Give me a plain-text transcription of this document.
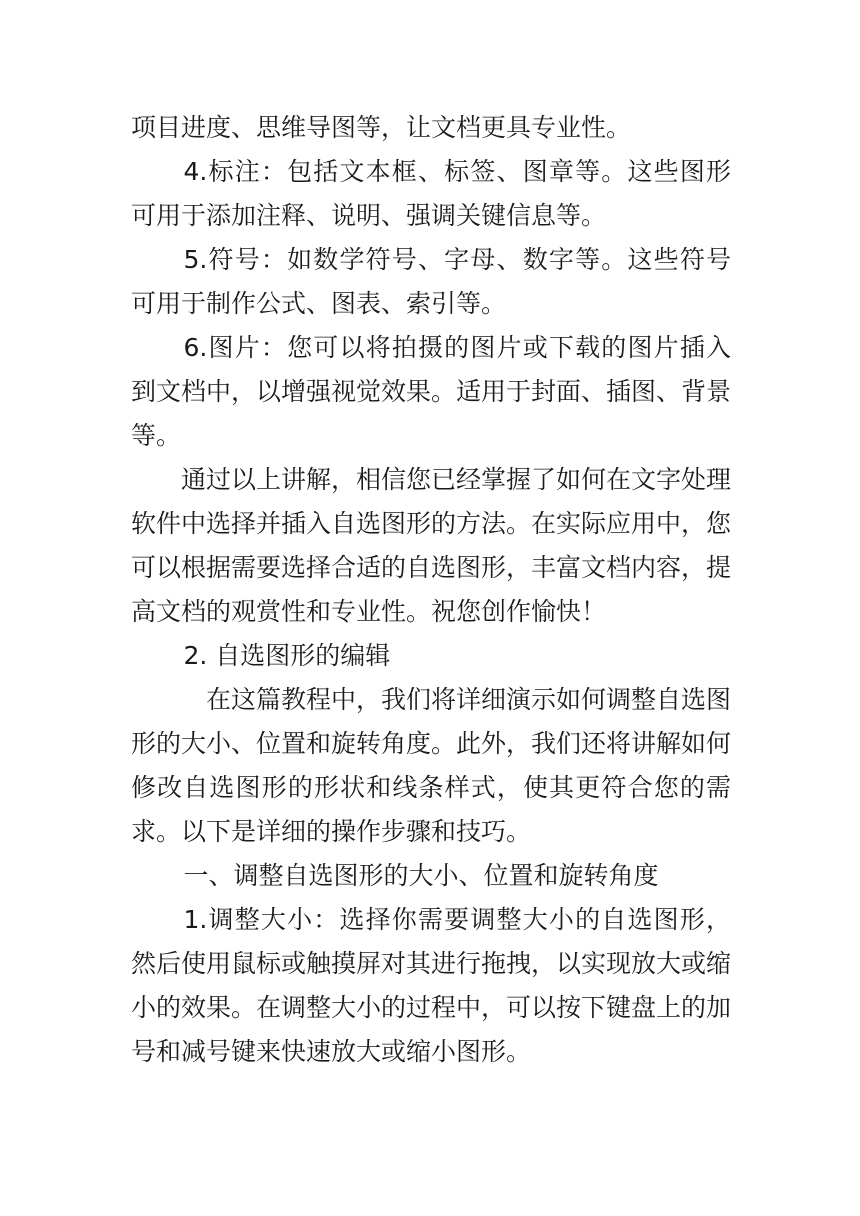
项目进度、思维导图等，让文档更具专业性。

4.标注：包括文本框、标签、图章等。这些图形可用于添加注释、说明、强调关键信息等。

5.符号：如数学符号、字母、数字等。这些符号可用于制作公式、图表、索引等。

6.图片：您可以将拍摄的图片或下载的图片插入到文档中，以增强视觉效果。适用于封面、插图、背景等。

通过以上讲解，相信您已经掌握了如何在文字处理软件中选择并插入自选图形的方法。在实际应用中，您可以根据需要选择合适的自选图形，丰富文档内容，提高文档的观赏性和专业性。祝您创作愉快！

2. 自选图形的编辑

在这篇教程中，我们将详细演示如何调整自选图形的大小、位置和旋转角度。此外，我们还将讲解如何修改自选图形的形状和线条样式，使其更符合您的需求。以下是详细的操作步骤和技巧。

一、调整自选图形的大小、位置和旋转角度

1.调整大小：选择你需要调整大小的自选图形，然后使用鼠标或触摸屏对其进行拖拽，以实现放大或缩小的效果。在调整大小的过程中，可以按下键盘上的加号和减号键来快速放大或缩小图形。
